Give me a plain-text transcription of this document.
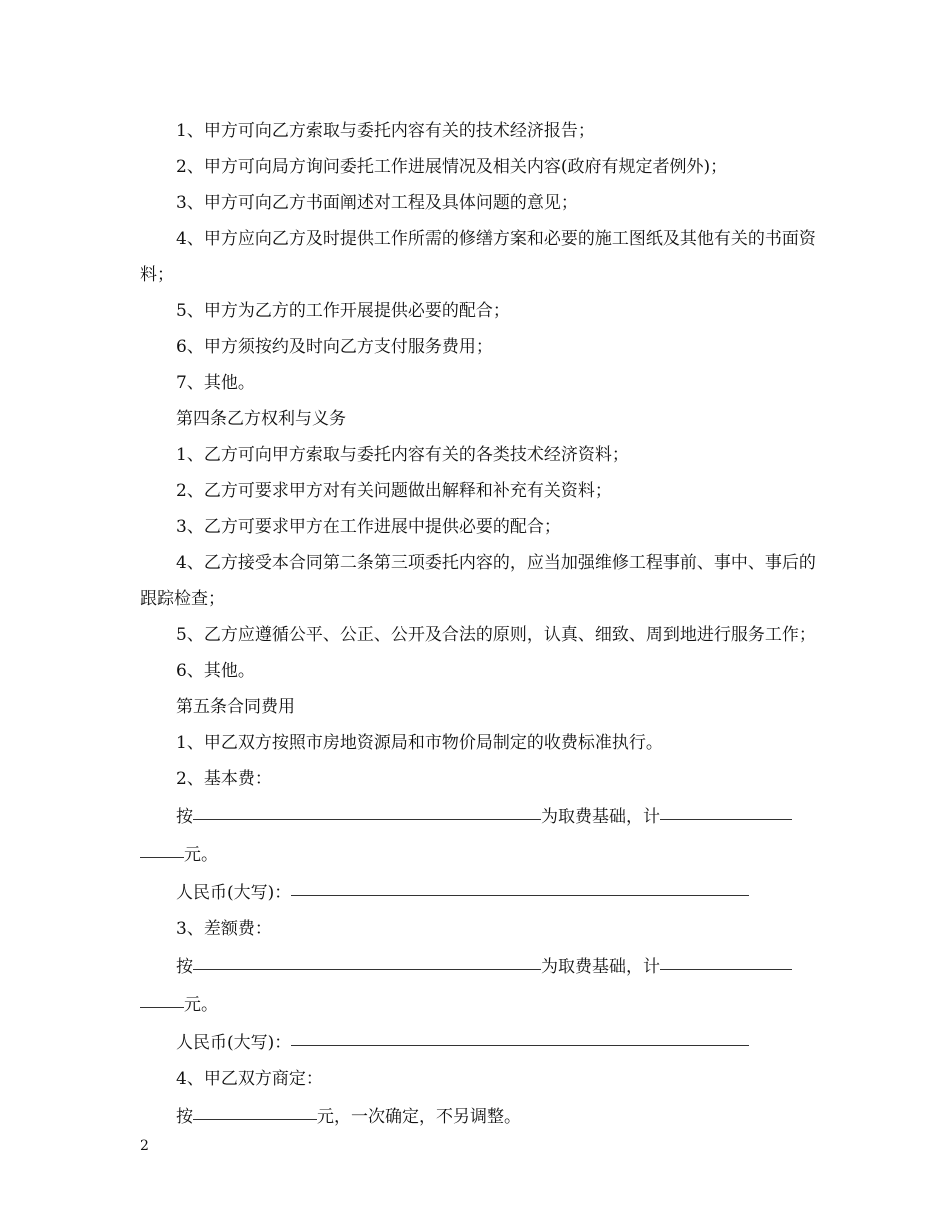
1、甲方可向乙方索取与委托内容有关的技术经济报告；

2、甲方可向局方询问委托工作进展情况及相关内容(政府有规定者例外)；

3、甲方可向乙方书面阐述对工程及具体问题的意见；

4、甲方应向乙方及时提供工作所需的修缮方案和必要的施工图纸及其他有关的书面资料；

5、甲方为乙方的工作开展提供必要的配合；

6、甲方须按约及时向乙方支付服务费用；

7、其他。

第四条乙方权利与义务

1、乙方可向甲方索取与委托内容有关的各类技术经济资料；

2、乙方可要求甲方对有关问题做出解释和补充有关资料；

3、乙方可要求甲方在工作进展中提供必要的配合；

4、乙方接受本合同第二条第三项委托内容的，应当加强维修工程事前、事中、事后的跟踪检查；

5、乙方应遵循公平、公正、公开及合法的原则，认真、细致、周到地进行服务工作；

6、其他。

第五条合同费用

1、甲乙双方按照市房地资源局和市物价局制定的收费标准执行。

2、基本费：

按	为取费基础，计

元。

人民币(大写)：

3、差额费：

按	为取费基础，计

元。

人民币(大写)：

4、甲乙双方商定：

按	元，一次确定，不另调整。

2
